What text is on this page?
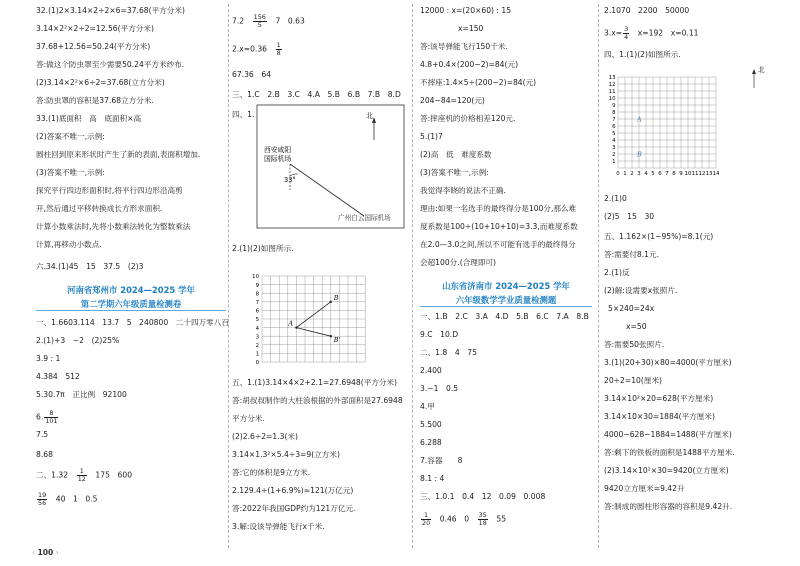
32.(1)2×3.14×2÷2×6=37.68(平方分米)
3.14×2²×2÷2=12.56(平方分米)
37.68+12.56=50.24(平方分米)
答:做这个防虫罩至少需要50.24平方米纱布.
(2)3.14×2²×6÷2=37.68(立方分米)
答:防虫罩的容积是37.68立方分米.
33.(1)底面积　高　底面积×高
(2)答案不唯一,示例:
圆柱回到原来形状时产生了新的表面,表面积增加.
(3)答案不唯一,示例:
探究平行四边形面积时,将平行四边形沿高剪
开,然后通过平移转换成长方形求面积.
计算小数乘法时,先将小数乘法转化为整数乘法
计算,再移动小数点.
六.34.(1)45　15　37.5　(2)3
河南省郑州市 2024—2025 学年
第二学期六年级质量检测卷
一、1.6603.114　13.7　5　240800　二十四万零八百
2.(1)+3　−2　(2)25%
3.9 : 1
4.384　512
5.30.7π　正比例　92100
6. $\frac{8}{101}$
7.5
8.68
二、1.32　 $\frac{1}{12}$ 　175　600
$\frac{19}{56}$ 　40　1　0.5
7.2　 $\frac{156}{5}$ 　7　0.63
2.x=0.36　 $\frac{1}{8}$
67.36　64
三、1.C　2.B　3.C　4.A　5.B　6.B　7.B　8.D
四、1.	北
西安咸阳
国际机场
33°
广州白云国际机场
2.(1)(2)如图所示.
0
1
2
3
4
5
6
7
8
9
10
A
B
B'
五、1.(1)3.14×4×2+2.1=27.6948(平方分米)
答:胡叔叔制作的大柱浪根据的外部面积是27.6948
平方分米.
(2)2.6÷2=1.3(米)
3.14×1.3²×5.4÷3=9(立方米)
答:它的体积是9立方米.
2.129.4÷(1+6.9%)≈121(万亿元)
答:2022年我国GDP约为121万亿元.
3.解:设该导弹能飞行x千米.
12000 : x=(20×60) : 15
x=150
答:该导弹能飞行150千米.
4.8+0.4×(200−2)=84(元)
不摔座:1.4×5÷(200−2)=84(元)
204−84=120(元)
答:摔座机的价格相差120元.
5.(1)7
(2)高　低　难度系数
(3)答案不唯一,示例:
我觉得李晓的说法不正确.
理由:如果一名选手的最终得分是100分,那么难
度系数是100÷(10+10+10)=3.3̇,而难度系数
在2.0—3.0之间,所以不可能有选手的最终得分
会超100分.(合理即可)
山东省济南市 2024—2025 学年
六年级数学学业质量检测题
一、1.B　2.C　3.A　4.D　5.B　6.C　7.A　8.B
9.C　10.D
二、1.8　4　75
2.400
3.−1　0.5
4.甲
5.500
6.288
7.容器　　8
8.1 : 4
三、1.0.1　0.4　12　0.09　0.008
$\frac{1}{20}$ 　0.46　0　 $\frac{35}{18}$ 　55
2.1070　2200　50000
$3.x= \frac{3}{4}$ 　x=192　x=0.11
四、1.(1)(2)如图所示.
0 1 2 3 4 5 6 7 8 9 10 11 12 13 14
1
2
3
4
5
6
7
8
9
10
11
12
13
北
A
B
2.(1)0
(2)5　15　30
五、1.162×(1−95%)=8.1(元)
答:需要付8.1元.
2.(1)反
(2)解:设需要x张照片.
5×240=24x
x=50
答:需要50张照片.
3.(1)(20+30)×80=4000(平方厘米)
20÷2=10(厘米)
3.14×10²×20=628(平方厘米)
3.14×10×30=1884(平方厘米)
4000−628−1884=1488(平方厘米)
答:剩下的铁板的面积是1488平方厘米.
(2)3.14×10²×30=9420(立方厘米)
9420立方厘米=9.42升
答:制成的圆柱形容器的容积是9.42升.
‹ 100 ›
